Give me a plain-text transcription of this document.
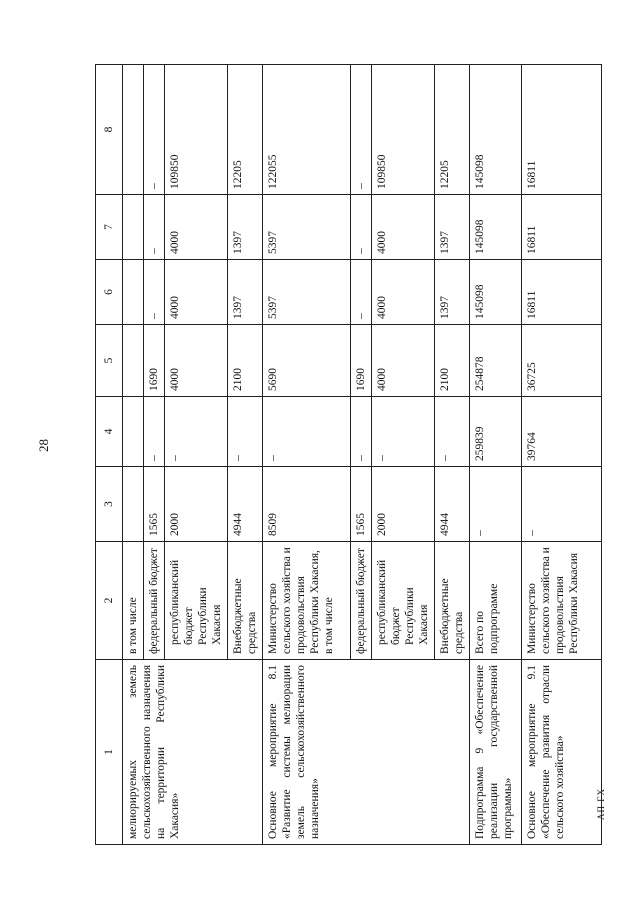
28
АП ГХ
1	2	3	4	5	6	7	8
мелиорируемых земель сельскохозяйственного назначения на территории Республики Хакасия»	в том числе						
	федеральный бюджет	1565	–	1690	–	–	–
	республиканский бюджет Республики Хакасия	2000	–	4000	4000	4000	109850
	Внебюджетные средства	4944	–	2100	1397	1397	12205
Основное мероприятие 8.1 «Развитие системы мелиорации земель сельскохозяйственного назначения»	Министерство сельского хозяйства и продовольствия Республики Хакасия, в том числе	8509	–	5690	5397	5397	122055
	федеральный бюджет	1565	–	1690	–	–	–
	республиканский бюджет Республики Хакасия	2000	–	4000	4000	4000	109850
	Внебюджетные средства	4944	–	2100	1397	1397	12205
Подпрограмма 9 «Обеспечение реализации государственной программы»	Всего по подпрограмме	–	259839	254878	145098	145098	145098
Основное мероприятие 9.1 «Обеспечение развития отрасли сельского хозяйства»	Министерство сельского хозяйства и продовольствия Республики Хакасия	–	39764	36725	16811	16811	16811
